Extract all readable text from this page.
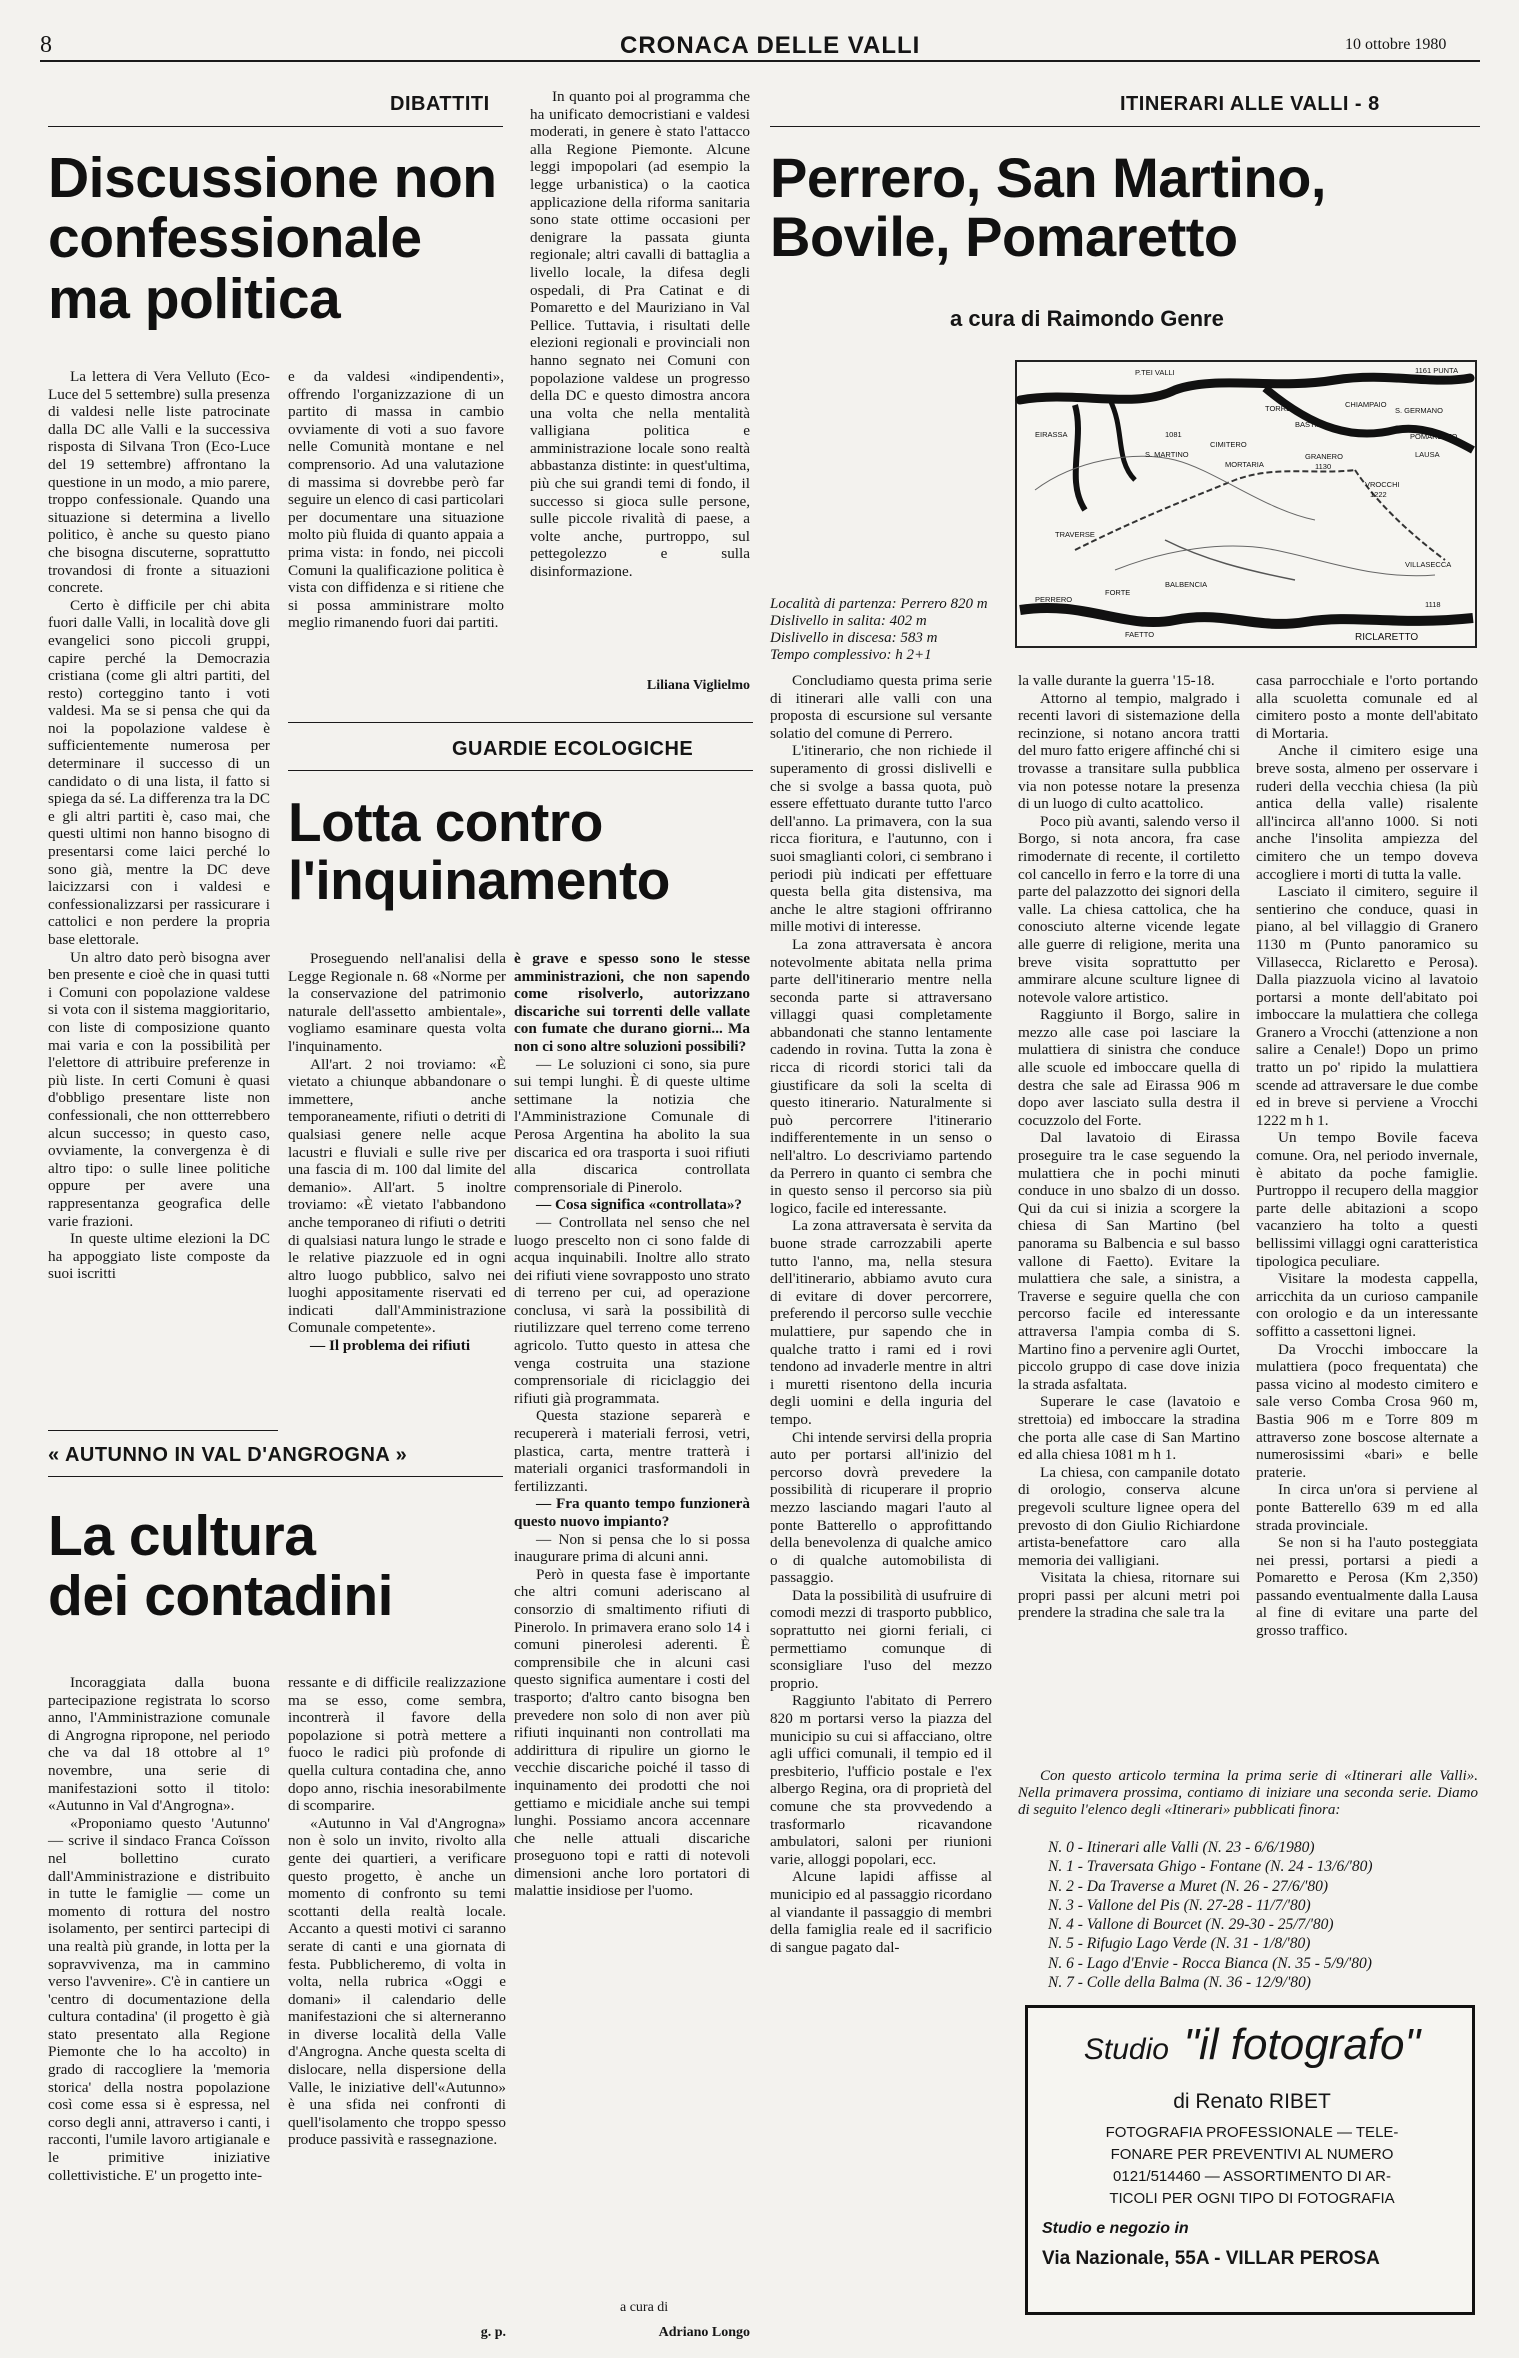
8	CRONACA DELLE VALLI	10 ottobre 1980
DIBATTITI
Discussione non
confessionale
ma politica

La lettera di Vera Velluto (Eco-Luce del 5 settembre) sulla presenza di valdesi nelle liste patrocinate dalla DC alle Valli e la successiva risposta di Silvana Tron (Eco-Luce del 19 settembre) affrontano la questione in un modo, a mio parere, troppo confessionale. Quando una situazione si determina a livello politico, è anche su questo piano che bisogna discuterne, soprattutto trovandosi di fronte a situazioni concrete.

Certo è difficile per chi abita fuori dalle Valli, in località dove gli evangelici sono piccoli gruppi, capire perché la Democrazia cristiana (come gli altri partiti, del resto) corteggino tanto i voti valdesi. Ma se si pensa che qui da noi la popolazione valdese è sufficientemente numerosa per determinare il successo di un candidato o di una lista, il fatto si spiega da sé. La differenza tra la DC e gli altri partiti è, caso mai, che questi ultimi non hanno bisogno di presentarsi come laici perché lo sono già, mentre la DC deve laicizzarsi con i valdesi e confessionalizzarsi per rassicurare i cattolici e non perdere la propria base elettorale.

Un altro dato però bisogna aver ben presente e cioè che in quasi tutti i Comuni con popolazione valdese si vota con il sistema maggioritario, con liste di composizione quanto mai varia e con la possibilità per l'elettore di attribuire preferenze in più liste. In certi Comuni è quasi d'obbligo presentare liste non confessionali, che non ottterrebbero alcun successo; in questo caso, ovviamente, la convergenza è di altro tipo: o sulle linee politiche oppure per avere una rappresentanza geografica delle varie frazioni.

In queste ultime elezioni la DC ha appoggiato liste composte da suoi iscritti

e da valdesi «indipendenti», offrendo l'organizzazione di un partito di massa in cambio ovviamente di voti a suo favore nelle Comunità montane e nel comprensorio. Ad una valutazione di massima si dovrebbe però far seguire un elenco di casi particolari per documentare una situazione molto più fluida di quanto appaia a prima vista: in fondo, nei piccoli Comuni la qualificazione politica è vista con diffidenza e si ritiene che si possa amministrare molto meglio rimanendo fuori dai partiti.

In quanto poi al programma che ha unificato democristiani e valdesi moderati, in genere è stato l'attacco alla Regione Piemonte. Alcune leggi impopolari (ad esempio la legge urbanistica) o la caotica applicazione della riforma sanitaria sono state ottime occasioni per denigrare la passata giunta regionale; altri cavalli di battaglia a livello locale, la difesa degli ospedali, di Pra Catinat e di Pomaretto e del Mauriziano in Val Pellice. Tuttavia, i risultati delle elezioni regionali e provinciali non hanno segnato nei Comuni con popolazione valdese un progresso della DC e questo dimostra ancora una volta che nella mentalità valligiana politica e amministrazione locale sono realtà abbastanza distinte: in quest'ultima, più che sui grandi temi di fondo, il successo si gioca sulle persone, sulle piccole rivalità di paese, a volte anche, purtroppo, sul pettegolezzo e sulla disinformazione.

Liliana Viglielmo
GUARDIE ECOLOGICHE
Lotta contro
l'inquinamento

Proseguendo nell'analisi della Legge Regionale n. 68 «Norme per la conservazione del patrimonio naturale dell'assetto ambientale», vogliamo esaminare questa volta l'inquinamento.

All'art. 2 noi troviamo: «È vietato a chiunque abbandonare o immettere, anche temporaneamente, rifiuti o detriti di qualsiasi genere nelle acque lacustri e fluviali e sulle rive per una fascia di m. 100 dal limite del demanio». All'art. 5 inoltre troviamo: «È vietato l'abbandono anche temporaneo di rifiuti o detriti di qualsiasi natura lungo le strade e le relative piazzuole ed in ogni altro luogo pubblico, salvo nei luoghi appositamente riservati ed indicati dall'Amministrazione Comunale competente».

— Il problema dei rifiuti

è grave e spesso sono le stesse amministrazioni, che non sapendo come risolverlo, autorizzano discariche sui torrenti delle vallate con fumate che durano giorni... Ma non ci sono altre soluzioni possibili?

— Le soluzioni ci sono, sia pure sui tempi lunghi. È di queste ultime settimane la notizia che l'Amministrazione Comunale di Perosa Argentina ha abolito la sua discarica ed ora trasporta i suoi rifiuti alla discarica controllata comprensoriale di Pinerolo.

— Cosa significa «controllata»?

— Controllata nel senso che nel luogo prescelto non ci sono falde di acqua inquinabili. Inoltre allo strato dei rifiuti viene sovrapposto uno strato di terreno per cui, ad operazione conclusa, vi sarà la possibilità di riutilizzare quel terreno come terreno agricolo. Tutto questo in attesa che venga costruita una stazione comprensoriale di riciclaggio dei rifiuti già programmata.

Questa stazione separerà e recupererà i materiali ferrosi, vetri, plastica, carta, mentre tratterà i materiali organici trasformandoli in fertilizzanti.

— Fra quanto tempo funzionerà questo nuovo impianto?

— Non si pensa che lo si possa inaugurare prima di alcuni anni.

Però in questa fase è importante che altri comuni aderiscano al consorzio di smaltimento rifiuti di Pinerolo. In primavera erano solo 14 i comuni pinerolesi aderenti. È comprensibile che in alcuni casi questo significa aumentare i costi del trasporto; d'altro canto bisogna ben prevedere non solo di non aver più rifiuti inquinanti non controllati ma addirittura di ripulire un giorno le vecchie discariche poiché il tasso di inquinamento dei prodotti che noi gettiamo e micidiale anche sui tempi lunghi. Possiamo ancora accennare che nelle attuali discariche proseguono topi e ratti di notevoli dimensioni anche loro portatori di malattie insidiose per l'uomo.

a cura di
Adriano Longo
« AUTUNNO IN VAL D'ANGROGNA »
La cultura
dei contadini

Incoraggiata dalla buona partecipazione registrata lo scorso anno, l'Amministrazione comunale di Angrogna ripropone, nel periodo che va dal 18 ottobre al 1° novembre, una serie di manifestazioni sotto il titolo: «Autunno in Val d'Angrogna».

«Proponiamo questo 'Autunno' — scrive il sindaco Franca Coïsson nel bollettino curato dall'Amministrazione e distribuito in tutte le famiglie — come un momento di rottura del nostro isolamento, per sentirci partecipi di una realtà più grande, in lotta per la sopravvivenza, ma in cammino verso l'avvenire». C'è in cantiere un 'centro di documentazione della cultura contadina' (il progetto è già stato presentato alla Regione Piemonte che lo ha accolto) in grado di raccogliere la 'memoria storica' della nostra popolazione così come essa si è espressa, nel corso degli anni, attraverso i canti, i racconti, l'umile lavoro artigianale e le primitive iniziative collettivistiche. E' un progetto inte-

ressante e di difficile realizzazione ma se esso, come sembra, incontrerà il favore della popolazione si potrà mettere a fuoco le radici più profonde di quella cultura contadina che, anno dopo anno, rischia inesorabilmente di scomparire.

«Autunno in Val d'Angrogna» non è solo un invito, rivolto alla gente dei quartieri, a verificare questo progetto, è anche un momento di confronto su temi scottanti della realtà locale. Accanto a questi motivi ci saranno serate di canti e una giornata di festa. Pubblicheremo, di volta in volta, nella rubrica «Oggi e domani» il calendario delle manifestazioni che si alterneranno in diverse località della Valle d'Angrogna. Anche questa scelta di dislocare, nella dispersione della Valle, le iniziative dell'«Autunno» è una sfida nei confronti di quell'isolamento che troppo spesso produce passività e rassegnazione.

g. p.
ITINERARI ALLE VALLI - 8
Perrero, San Martino,
Bovile, Pomaretto
a cura di Raimondo Genre
P.TEI VALLI	1161 PUNTA
CERESIO
EIRASSA	1081
CIMITERO
TORRE
BASTIA
S. MARTINO
MORTARIA
GRANERO
1130
VROCCHI
1222
TRAVERSE
LAUSA
CHIAMPAIO
POMARETTO
PERRERO
FORTE
BALBENCIA
FAETTO	RICLARETTO
S. GERMANO
VILLASECCA
1118
Località di partenza: Perrero 820 m
Dislivello in salita: 402 m
Dislivello in discesa: 583 m
Tempo complessivo: h 2+1

Concludiamo questa prima serie di itinerari alle valli con una proposta di escursione sul versante solatio del comune di Perrero.

L'itinerario, che non richiede il superamento di grossi dislivelli e che si svolge a bassa quota, può essere effettuato durante tutto l'arco dell'anno. La primavera, con la sua ricca fioritura, e l'autunno, con i suoi smaglianti colori, ci sembrano i periodi più indicati per effettuare questa bella gita distensiva, ma anche le altre stagioni offriranno mille motivi di interesse.

La zona attraversata è ancora notevolmente abitata nella prima parte dell'itinerario mentre nella seconda parte si attraversano villaggi quasi completamente abbandonati che stanno lentamente cadendo in rovina. Tutta la zona è ricca di ricordi storici tali da giustificare da soli la scelta di questo itinerario. Naturalmente si può percorrere l'itinerario indifferentemente in un senso o nell'altro. Lo descriviamo partendo da Perrero in quanto ci sembra che in questo senso il percorso sia più logico, facile ed interessante.

La zona attraversata è servita da buone strade carrozzabili aperte tutto l'anno, ma, nella stesura dell'itinerario, abbiamo avuto cura di evitare di dover percorrere, preferendo il percorso sulle vecchie mulattiere, pur sapendo che in qualche tratto i rami ed i rovi tendono ad invaderle mentre in altri i muretti risentono della incuria degli uomini e della inguria del tempo.

Chi intende servirsi della propria auto per portarsi all'inizio del percorso dovrà prevedere la possibilità di ricuperare il proprio mezzo lasciando magari l'auto al ponte Batterello o approfittando della benevolenza di qualche amico o di qualche automobilista di passaggio.

Data la possibilità di usufruire di comodi mezzi di trasporto pubblico, soprattutto nei giorni feriali, ci permettiamo comunque di sconsigliare l'uso del mezzo proprio.

Raggiunto l'abitato di Perrero 820 m portarsi verso la piazza del municipio su cui si affacciano, oltre agli uffici comunali, il tempio ed il presbiterio, l'ufficio postale e l'ex albergo Regina, ora di proprietà del comune che sta provvedendo a trasformarlo ricavandone ambulatori, saloni per riunioni varie, alloggi popolari, ecc.

Alcune lapidi affisse al municipio ed al passaggio ricordano al viandante il passaggio di membri della famiglia reale ed il sacrificio di sangue pagato dal-

la valle durante la guerra '15-18.

Attorno al tempio, malgrado i recenti lavori di sistemazione della recinzione, si notano ancora tratti del muro fatto erigere affinché chi si trovasse a transitare sulla pubblica via non potesse notare la presenza di un luogo di culto acattolico.

Poco più avanti, salendo verso il Borgo, si nota ancora, fra case rimodernate di recente, il cortiletto col cancello in ferro e la torre di una parte del palazzotto dei signori della valle. La chiesa cattolica, che ha conosciuto alterne vicende legate alle guerre di religione, merita una breve visita soprattutto per ammirare alcune sculture lignee di notevole valore artistico.

Raggiunto il Borgo, salire in mezzo alle case poi lasciare la mulattiera di sinistra che conduce alle scuole ed imboccare quella di destra che sale ad Eirassa 906 m dopo aver lasciato sulla destra il cocuzzolo del Forte.

Dal lavatoio di Eirassa proseguire tra le case seguendo la mulattiera che in pochi minuti conduce in uno sbalzo di un dosso. Qui da cui si inizia a scorgere la chiesa di San Martino (bel panorama su Balbencia e sul basso vallone di Faetto). Evitare la mulattiera che sale, a sinistra, a Traverse e seguire quella che con percorso facile ed interessante attraversa l'ampia comba di S. Martino fino a pervenire agli Ourtet, piccolo gruppo di case dove inizia la strada asfaltata.

Superare le case (lavatoio e strettoia) ed imboccare la stradina che porta alle case di San Martino ed alla chiesa 1081 m h 1.

La chiesa, con campanile dotato di orologio, conserva alcune pregevoli sculture lignee opera del prevosto di don Giulio Richiardone artista-benefattore caro alla memoria dei valligiani.

Visitata la chiesa, ritornare sui propri passi per alcuni metri poi prendere la stradina che sale tra la

casa parrocchiale e l'orto portando alla scuoletta comunale ed al cimitero posto a monte dell'abitato di Mortaria.

Anche il cimitero esige una breve sosta, almeno per osservare i ruderi della vecchia chiesa (la più antica della valle) risalente all'incirca all'anno 1000. Si noti anche l'insolita ampiezza del cimitero che un tempo doveva accogliere i morti di tutta la valle.

Lasciato il cimitero, seguire il sentierino che conduce, quasi in piano, al bel villaggio di Granero 1130 m (Punto panoramico su Villasecca, Riclaretto e Perosa). Dalla piazzuola vicino al lavatoio portarsi a monte dell'abitato poi imboccare la mulattiera che collega Granero a Vrocchi (attenzione a non salire a Cenale!) Dopo un primo tratto un po' ripido la mulattiera scende ad attraversare le due combe ed in breve si perviene a Vrocchi 1222 m h 1.

Un tempo Bovile faceva comune. Ora, nel periodo invernale, è abitato da poche famiglie. Purtroppo il recupero della maggior parte delle abitazioni a scopo vacanziero ha tolto a questi bellissimi villaggi ogni caratteristica tipologica peculiare.

Visitare la modesta cappella, arricchita da un curioso campanile con orologio e da un interessante soffitto a cassettoni lignei.

Da Vrocchi imboccare la mulattiera (poco frequentata) che passa vicino al modesto cimitero e sale verso Comba Crosa 960 m, Bastia 906 m e Torre 809 m attraverso zone boscose alternate a numerosissimi «bari» e belle praterie.

In circa un'ora si perviene al ponte Batterello 639 m ed alla strada provinciale.

Se non si ha l'auto posteggiata nei pressi, portarsi a piedi a Pomaretto e Perosa (Km 2,350) passando eventualmente dalla Lausa al fine di evitare una parte del grosso traffico.

Con questo articolo termina la prima serie di «Itinerari alle Valli». Nella primavera prossima, contiamo di iniziare una seconda serie. Diamo di seguito l'elenco degli «Itinerari» pubblicati finora:

N. 0 - Itinerari alle Valli (N. 23 - 6/6/1980)

N. 1 - Traversata Ghigo - Fontane (N. 24 - 13/6/'80)

N. 2 - Da Traverse a Muret (N. 26 - 27/6/'80)

N. 3 - Vallone del Pis (N. 27-28 - 11/7/'80)

N. 4 - Vallone di Bourcet (N. 29-30 - 25/7/'80)

N. 5 - Rifugio Lago Verde (N. 31 - 1/8/'80)

N. 6 - Lago d'Envie - Rocca Bianca (N. 35 - 5/9/'80)

N. 7 - Colle della Balma (N. 36 - 12/9/'80)

Studio "il fotografo"
di Renato RIBET
FOTOGRAFIA PROFESSIONALE — TELE-
FONARE PER PREVENTIVI AL NUMERO
0121/514460 — ASSORTIMENTO DI AR-
TICOLI PER OGNI TIPO DI FOTOGRAFIA
Studio e negozio in
Via Nazionale, 55A - VILLAR PEROSA
